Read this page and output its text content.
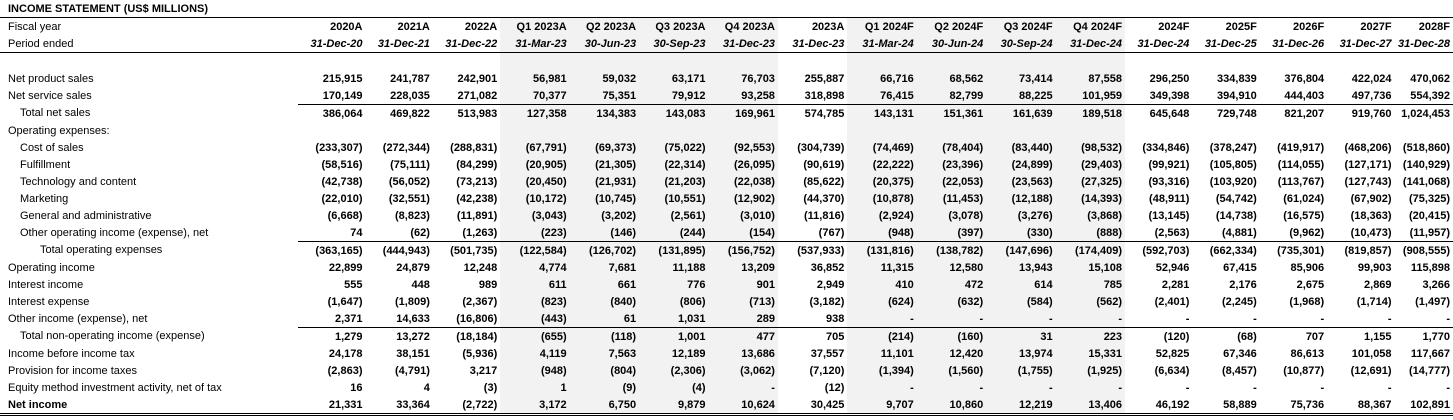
INCOME STATEMENT (US$ MILLIONS)																	
Fiscal year	2020A	2021A	2022A	Q1 2023A	Q2 2023A	Q3 2023A	Q4 2023A	2023A	Q1 2024F	Q2 2024F	Q3 2024F	Q4 2024F	2024F	2025F	2026F	2027F	2028F
Period ended	31-Dec-20	31-Dec-21	31-Dec-22	31-Mar-23	30-Jun-23	30-Sep-23	31-Dec-23	31-Dec-23	31-Mar-24	30-Jun-24	30-Sep-24	31-Dec-24	31-Dec-24	31-Dec-25	31-Dec-26	31-Dec-27	31-Dec-28

Net product sales	215,915	241,787	242,901	56,981	59,032	63,171	76,703	255,887	66,716	68,562	73,414	87,558	296,250	334,839	376,804	422,024	470,062
Net service sales	170,149	228,035	271,082	70,377	75,351	79,912	93,258	318,898	76,415	82,799	88,225	101,959	349,398	394,910	444,403	497,736	554,392
Total net sales	386,064	469,822	513,983	127,358	134,383	143,083	169,961	574,785	143,131	151,361	161,639	189,518	645,648	729,748	821,207	919,760	1,024,453
Operating expenses:																	
Cost of sales	(233,307)	(272,344)	(288,831)	(67,791)	(69,373)	(75,022)	(92,553)	(304,739)	(74,469)	(78,404)	(83,440)	(98,532)	(334,846)	(378,247)	(419,917)	(468,206)	(518,860)
Fulfillment	(58,516)	(75,111)	(84,299)	(20,905)	(21,305)	(22,314)	(26,095)	(90,619)	(22,222)	(23,396)	(24,899)	(29,403)	(99,921)	(105,805)	(114,055)	(127,171)	(140,929)
Technology and content	(42,738)	(56,052)	(73,213)	(20,450)	(21,931)	(21,203)	(22,038)	(85,622)	(20,375)	(22,053)	(23,563)	(27,325)	(93,316)	(103,920)	(113,767)	(127,743)	(141,068)
Marketing	(22,010)	(32,551)	(42,238)	(10,172)	(10,745)	(10,551)	(12,902)	(44,370)	(10,878)	(11,453)	(12,188)	(14,393)	(48,911)	(54,742)	(61,024)	(67,902)	(75,325)
General and administrative	(6,668)	(8,823)	(11,891)	(3,043)	(3,202)	(2,561)	(3,010)	(11,816)	(2,924)	(3,078)	(3,276)	(3,868)	(13,145)	(14,738)	(16,575)	(18,363)	(20,415)
Other operating income (expense), net	74	(62)	(1,263)	(223)	(146)	(244)	(154)	(767)	(948)	(397)	(330)	(888)	(2,563)	(4,881)	(9,962)	(10,473)	(11,957)
Total operating expenses	(363,165)	(444,943)	(501,735)	(122,584)	(126,702)	(131,895)	(156,752)	(537,933)	(131,816)	(138,782)	(147,696)	(174,409)	(592,703)	(662,334)	(735,301)	(819,857)	(908,555)
Operating income	22,899	24,879	12,248	4,774	7,681	11,188	13,209	36,852	11,315	12,580	13,943	15,108	52,946	67,415	85,906	99,903	115,898
Interest income	555	448	989	611	661	776	901	2,949	410	472	614	785	2,281	2,176	2,675	2,869	3,266
Interest expense	(1,647)	(1,809)	(2,367)	(823)	(840)	(806)	(713)	(3,182)	(624)	(632)	(584)	(562)	(2,401)	(2,245)	(1,968)	(1,714)	(1,497)
Other income (expense), net	2,371	14,633	(16,806)	(443)	61	1,031	289	938	-	-	-	-	-	-	-	-	-
Total non-operating income (expense)	1,279	13,272	(18,184)	(655)	(118)	1,001	477	705	(214)	(160)	31	223	(120)	(68)	707	1,155	1,770
Income before income tax	24,178	38,151	(5,936)	4,119	7,563	12,189	13,686	37,557	11,101	12,420	13,974	15,331	52,825	67,346	86,613	101,058	117,667
Provision for income taxes	(2,863)	(4,791)	3,217	(948)	(804)	(2,306)	(3,062)	(7,120)	(1,394)	(1,560)	(1,755)	(1,925)	(6,634)	(8,457)	(10,877)	(12,691)	(14,777)
Equity method investment activity, net of tax	16	4	(3)	1	(9)	(4)	-	(12)	-	-	-	-	-	-	-	-	-
Net income	21,331	33,364	(2,722)	3,172	6,750	9,879	10,624	30,425	9,707	10,860	12,219	13,406	46,192	58,889	75,736	88,367	102,891
